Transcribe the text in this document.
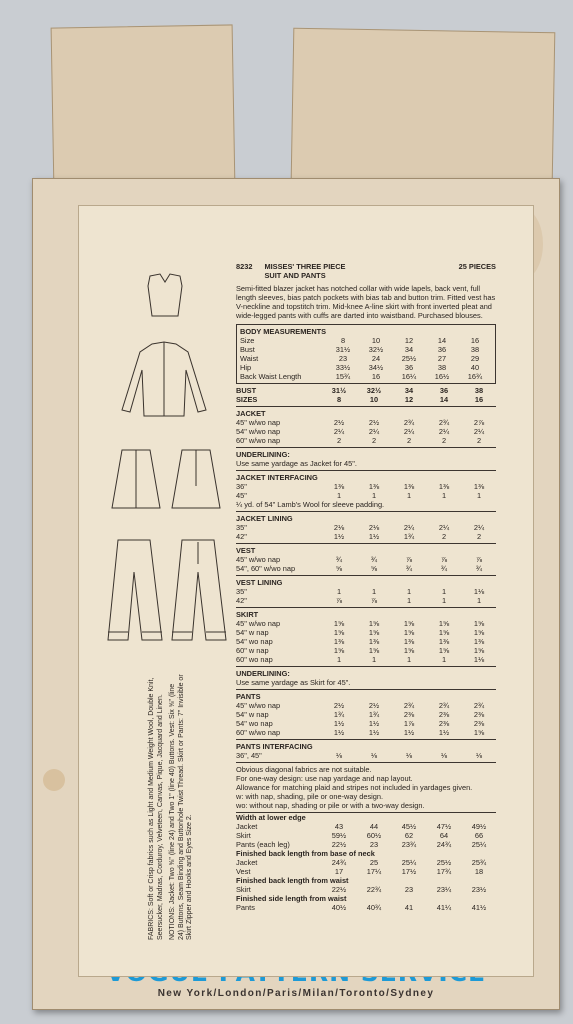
New York/London/Paris/Milan/Toronto/Sydney
FABRICS: Soft or Crisp fabrics such as Light and Medium Weight Wool, Double Knit, Seersucker, Madras, Corduroy, Velveteen, Canvas, Pique, Jacquard and Linen. NOTIONS: Jacket: Two ⅝" (line 24) and Two 1" (line 40) Buttons. Vest: Six ⅝" (line 24) Buttons, Seam Binding and Buttonhole Twist Thread. Skirt or Pants: 7" Invisible or Skirt Zipper and Hooks and Eyes Size 2.
8232 MISSES' THREE PIECE
SUIT AND PANTS
25 PIECES
Semi-fitted blazer jacket has notched collar with wide lapels, back vent, full length sleeves, bias patch pockets with bias tab and button trim. Fitted vest has V-neckline and topstitch trim. Mid-knee A-line skirt with front inverted pleat and wide-legged pants with cuffs are darted into waistband. Purchased blouses.
BODY MEASUREMENTS
Size	8	10	12	14	16
Bust	31½	32½	34	36	38
Waist	23	24	25½	27	29
Hip	33½	34½	36	38	40
Back Waist Length	15¾	16	16¼	16½	16¾
BUST	31½	32½	34	36	38
SIZES	8	10	12	14	16
JACKET
45" w/wo nap	2½	2½	2¾	2¾	2⅞
54" w/wo nap	2¼	2¼	2¼	2¼	2¼
60" w/wo nap	2	2	2	2	2
UNDERLINING:
Use same yardage as Jacket for 45".
JACKET INTERFACING
36"	1⅜	1⅜	1⅜	1⅜	1⅜
45"	1	1	1	1	1
¼ yd. of 54" Lamb's Wool for sleeve padding.
JACKET LINING
35"	2⅛	2⅛	2¼	2¼	2¼
42"	1½	1½	1¾	2	2
VEST
45" w/wo nap	¾	¾	⅞	⅞	⅞
54", 60" w/wo nap	⅝	⅝	¾	¾	¾
VEST LINING
35"	1	1	1	1	1⅛
42"	⅞	⅞	1	1	1
SKIRT
45" w/wo nap	1⅝	1⅝	1⅝	1⅝	1⅝
54" w nap	1⅝	1⅝	1⅝	1⅝	1⅝
54" wo nap	1⅜	1⅜	1⅜	1⅜	1⅜
60" w nap	1⅝	1⅝	1⅝	1⅝	1⅝
60" wo nap	1	1	1	1	1⅛
UNDERLINING:
Use same yardage as Skirt for 45".
PANTS
45" w/wo nap	2½	2½	2¾	2¾	2¾
54" w nap	1¾	1¾	2⅜	2⅜	2⅜
54" wo nap	1½	1½	1⅞	2⅜	2⅜
60" w/wo nap	1½	1½	1½	1½	1⅝
PANTS INTERFACING
36", 45"	⅛	⅛	⅛	⅛	⅛
Obvious diagonal fabrics are not suitable.
For one-way design: use nap yardage and nap layout.
Allowance for matching plaid and stripes not included in yardages given.
w: with nap, shading, pile or one-way design.
wo: without nap, shading or pile or with a two-way design.
Width at lower edge
Jacket	43	44	45½	47½	49½
Skirt	59½	60½	62	64	66
Pants (each leg)	22½	23	23¾	24¾	25¼
Finished back length from base of neck
Jacket	24¾	25	25¼	25½	25¾
Vest	17	17¼	17½	17¾	18
Finished back length from waist
Skirt	22½	22¾	23	23¼	23½
Finished side length from waist
Pants	40½	40¾	41	41¼	41½
